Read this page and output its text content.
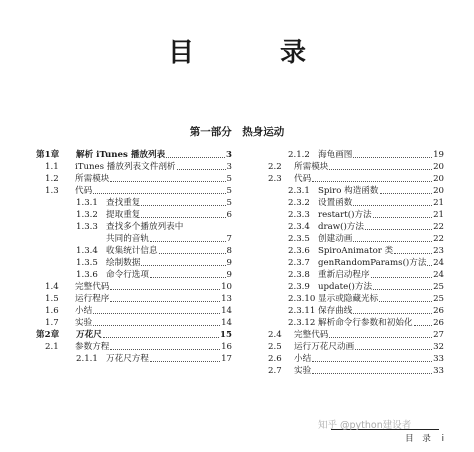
目　录
第一部分　热身运动
第1章	解析 iTunes 播放列表	3
1.1	iTunes 播放列表文件剖析	3
1.2	所需模块	5
1.3	代码	5
1.3.1 查找重复	5
1.3.2 提取重复	6
1.3.3 查找多个播放列表中
共同的音轨	7
1.3.4 收集统计信息	8
1.3.5 绘制数据	9
1.3.6 命令行选项	9
1.4	完整代码	10
1.5	运行程序	13
1.6	小结	14
1.7	实验	14
第2章	万花尺	15
2.1	参数方程	16
2.1.1 万花尺方程	17
2.1.2 海龟画图	19
2.2	所需模块	20
2.3	代码	20
2.3.1 Spiro 构造函数	20
2.3.2 设置函数	21
2.3.3 restart()方法	21
2.3.4 draw()方法	22
2.3.5 创建动画	22
2.3.6 SpiroAnimator 类	23
2.3.7 genRandomParams()方法 24
2.3.8 重新启动程序	24
2.3.9 update()方法	25
2.3.10 显示或隐藏光标	25
2.3.11 保存曲线	26
2.3.12 解析命令行参数和初始化 26
2.4	完整代码	27
2.5	运行万花尺动画	32
2.6	小结	33
2.7	实验	33
目　录 i
知乎 @python建设者
